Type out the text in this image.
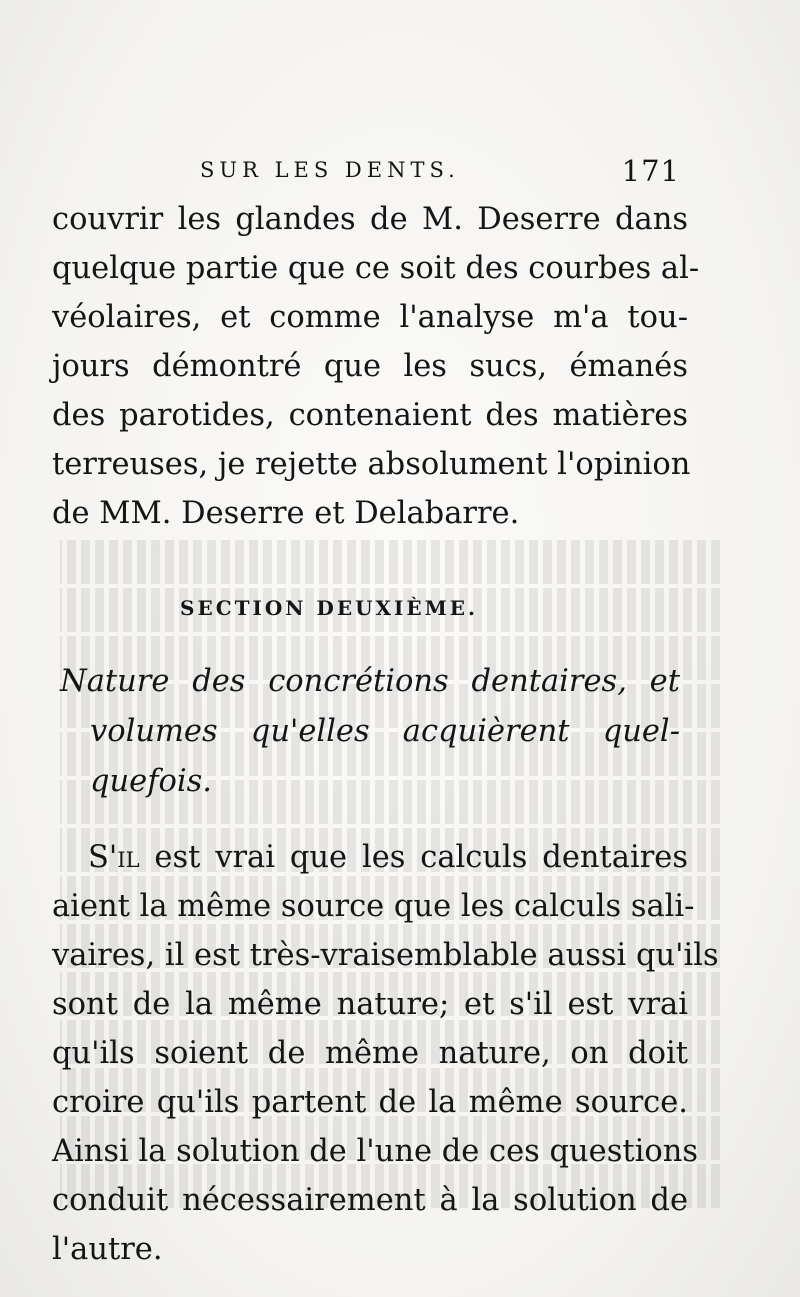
SUR LES DENTS.	171
couvrir les glandes de M. Deserre dans
quelque partie que ce soit des courbes al-
véolaires, et comme l'analyse m'a tou-
jours démontré que les sucs, émanés
des parotides, contenaient des matières
terreuses, je rejette absolument l'opinion
de MM. Deserre et Delabarre.
SECTION DEUXIÈME.
Nature des concrétions dentaires, et
volumes qu'elles acquièrent quel-
quefois.
S'il est vrai que les calculs dentaires
aient la même source que les calculs sali-
vaires, il est très-vraisemblable aussi qu'ils
sont de la même nature; et s'il est vrai
qu'ils soient de même nature, on doit
croire qu'ils partent de la même source.
Ainsi la solution de l'une de ces questions
conduit nécessairement à la solution de
l'autre.
